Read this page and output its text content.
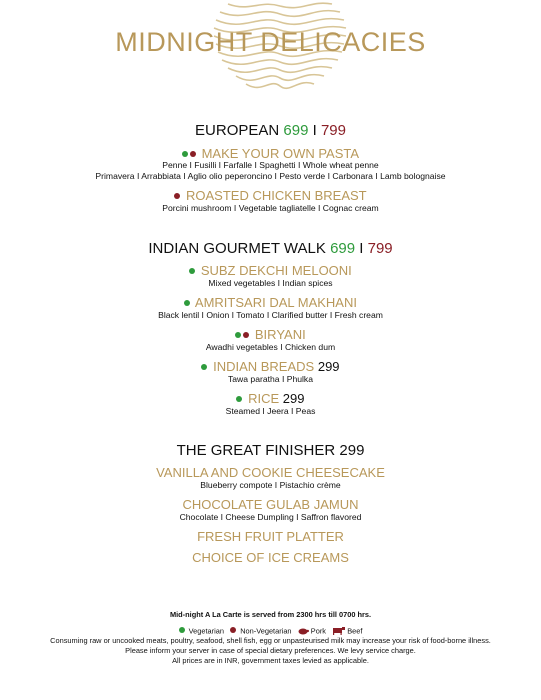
MIDNIGHT DELICACIES
EUROPEAN 699 I 799
MAKE YOUR OWN PASTA
Penne I Fusilli I Farfalle I Spaghetti I Whole wheat penne
Primavera I Arrabbiata I Aglio olio peperoncino I Pesto verde I Carbonara I Lamb bolognaise
ROASTED CHICKEN BREAST
Porcini mushroom I Vegetable tagliatelle I Cognac cream
INDIAN GOURMET WALK 699 I 799
SUBZ DEKCHI MELOONI
Mixed vegetables I Indian spices
AMRITSARI DAL MAKHANI
Black lentil I Onion I Tomato I Clarified butter I Fresh cream
BIRYANI
Awadhi vegetables I Chicken dum
INDIAN BREADS 299
Tawa paratha I Phulka
RICE 299
Steamed I Jeera I Peas
THE GREAT FINISHER 299
VANILLA AND COOKIE CHEESECAKE
Blueberry compote I Pistachio crème
CHOCOLATE GULAB JAMUN
Chocolate I Cheese Dumpling I Saffron flavored
FRESH FRUIT PLATTER
CHOICE OF ICE CREAMS
Mid-night A La Carte is served from 2300 hrs till 0700 hrs.
Vegetarian Non-Vegetarian	Pork	Beef
Consuming raw or uncooked meats, poultry, seafood, shell fish, egg or unpasteurised milk may increase your risk of food-borne illness.
Please inform your server in case of special dietary preferences. We levy service charge.
All prices are in INR, government taxes levied as applicable.
